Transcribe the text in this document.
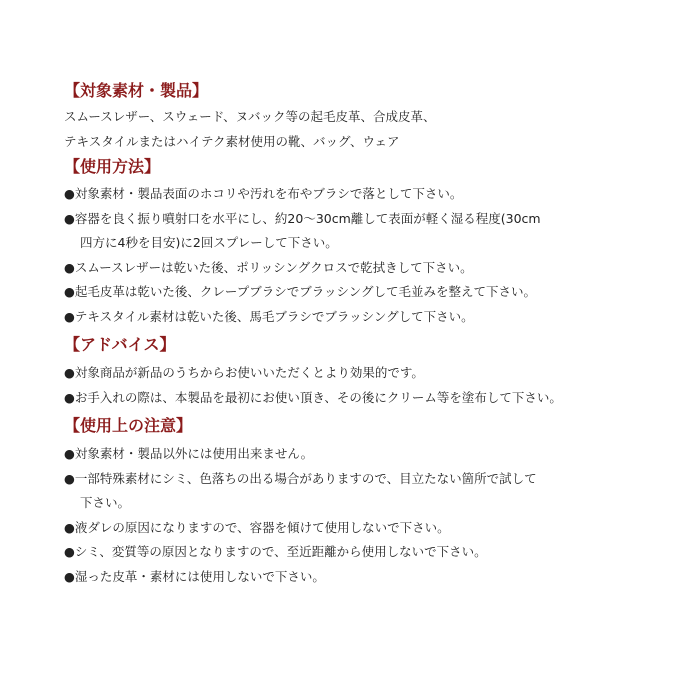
【対象素材・製品】

スムースレザー、スウェード、ヌバック等の起毛皮革、合成皮革、

テキスタイルまたはハイテク素材使用の靴、バッグ、ウェア

【使用方法】

●対象素材・製品表面のホコリや汚れを布やブラシで落として下さい。

●容器を良く振り噴射口を水平にし、約20～30cm離して表面が軽く湿る程度(30cm

四方に4秒を目安)に2回スプレーして下さい。

●スムースレザーは乾いた後、ポリッシングクロスで乾拭きして下さい。

●起毛皮革は乾いた後、クレープブラシでブラッシングして毛並みを整えて下さい。

●テキスタイル素材は乾いた後、馬毛ブラシでブラッシングして下さい。

【アドバイス】

●対象商品が新品のうちからお使いいただくとより効果的です。

●お手入れの際は、本製品を最初にお使い頂き、その後にクリーム等を塗布して下さい。

【使用上の注意】

●対象素材・製品以外には使用出来ません。

●一部特殊素材にシミ、色落ちの出る場合がありますので、目立たない箇所で試して

下さい。

●液ダレの原因になりますので、容器を傾けて使用しないで下さい。

●シミ、変質等の原因となりますので、至近距離から使用しないで下さい。

●湿った皮革・素材には使用しないで下さい。
